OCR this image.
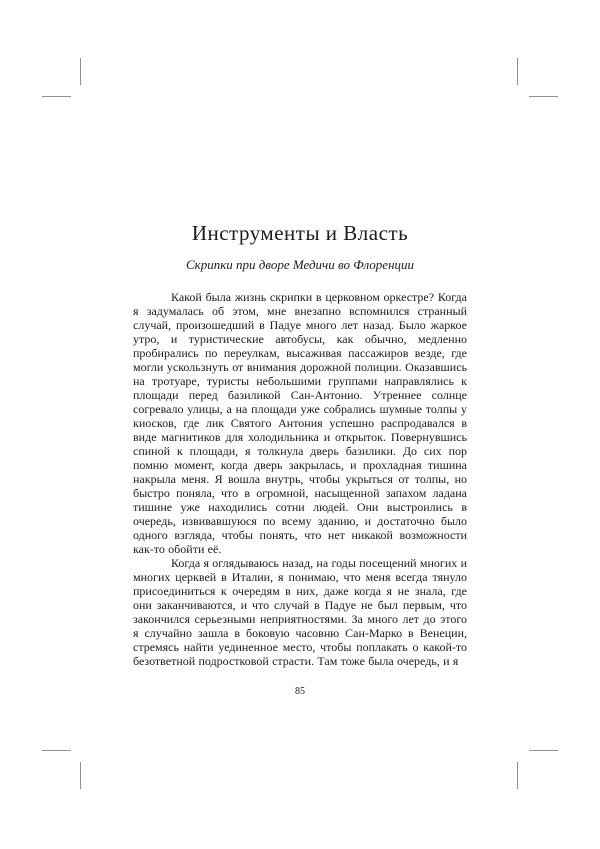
Инструменты и Власть
Скрипки при дворе Медичи во Флоренции

Какой была жизнь скрипки в церковном оркестре? Когда я задумалась об этом, мне внезапно вспомнился странный случай, произошедший в Падуе много лет назад. Было жаркое утро, и туристические автобусы, как обычно, медленно пробирались по переулкам, высаживая пассажиров везде, где могли ускользнуть от внимания дорожной полиции. Оказавшись на тротуаре, туристы небольшими группами направлялись к площади перед базиликой Сан-Антонио. Утреннее солнце согревало улицы, а на площади уже собрались шумные толпы у киосков, где лик Святого Антония успешно распродавался в виде магнитиков для холодильника и открыток. Повернувшись спиной к площади, я толкнула дверь базилики. До сих пор помню момент, когда дверь закрылась, и прохладная тишина накрыла меня. Я вошла внутрь, чтобы укрыться от толпы, но быстро поняла, что в огромной, насыщенной запахом ладана тишине уже находились сотни людей. Они выстроились в очередь, извивавшуюся по всему зданию, и достаточно было одного взгляда, чтобы понять, что нет никакой возможности как-то обойти её.

Когда я оглядываюсь назад, на годы посещений многих и многих церквей в Италии, я понимаю, что меня всегда тянуло присоединиться к очередям в них, даже когда я не знала, где они заканчиваются, и что случай в Падуе не был первым, что закончился серьезными неприятностями. За много лет до этого я случайно зашла в боковую часовню Сан-Марко в Венеции, стремясь найти уединенное место, чтобы поплакать о какой-то безответной подростковой страсти. Там тоже была очередь, и я

85
